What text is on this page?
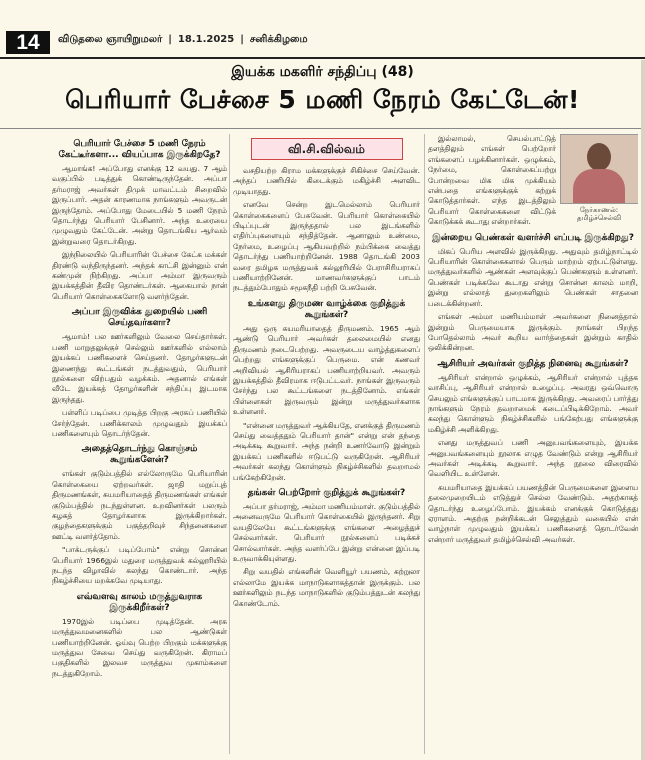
14	விடுதலை ஞாயிறுமலர் | 18.1.2025 | சனிக்கிழமை
இயக்க மகளிர் சந்திப்பு (48)
பெரியார் பேச்சை 5 மணி நேரம் கேட்டேன்!
பெரியார் பேச்சை 5 மணி நேரம் கேட்டீர்களா... வியப்பாக இருக்கிறதே?

ஆமாங்க! அப்போது எனக்கு 12 வயது. 7 ஆம் வகுப்பில் படித்துக் கொண்டிருந்தேன். அப்பா தர்மராஜ் அவர்கள் திமுக் மாவட்டம் சிறைவில் இருப்பார். அதன் காரணமாக நாங்களும் அவருடன் இருந்தோம். அப்போது மேடையில் 5 மணி நேரம் தொடர்ந்து பெரியார் பேசினார். அந்த உரையை முழுவதும் கேட்டேன். அன்று தொடங்கிய ஆர்வம் இன்றுவரை தொடர்கிறது.

இந்நிலையில் பெரியாரின் பேச்சை கேட்க மக்கள் திரண்டு வந்திருந்தனர். அந்தக் காட்சி இன்னும் என் கண்முன் நிற்கிறது. அப்பா அம்மா இருவரும் இயக்கத்தின் தீவிர தொண்டர்கள். ஆகையால் நான் பெரியார் கொள்கைகளோடு வளர்ந்தேன்.

அப்பா இருவிக்க துறையில் பணி செய்தவர்களா?

ஆமாம்! பல ஊர்களிலும் வேலை செய்தார்கள். பணி மாறுதலுக்குச் செல்லும் ஊர்களில் எல்லாம் இயக்கப் பணிகளைச் செய்தனர். தோழர்களுடன் இணைந்து கூட்டங்கள் நடத்துவதும், பெரியார் நூல்களை விற்பதும் வழக்கம். அதனால் எங்கள் வீடே இயக்கத் தோழர்களின் சந்திப்பு இடமாக இருந்தது.

பள்ளிப் படிப்பை முடித்த பிறகு அரசுப் பணியில் சேர்ந்தேன். பணிக்காலம் முழுவதும் இயக்கப் பணிகளையும் தொடர்ந்தேன்.

அதைத்தொடர்ந்து கொஞ்சம் கூறுங்களேன்?

எங்கள் குடும்பத்தில் எல்லோருமே பெரியாரின் கொள்கையை ஏற்றவர்கள். ஜாதி மறுப்புத் திருமணங்கள், சுயமரியாதைத் திருமணங்கள் எங்கள் குடும்பத்தில் நடந்துள்ளன. உறவினர்கள் பலரும் கழகத் தோழர்களாக இருக்கிறார்கள். குழந்தைகளுக்கும் பகுத்தறிவுச் சிந்தனைகளை ஊட்டி வளர்த்தோம்.

"பாக்டருக்குப் படிப்போம்" என்று சொன்ன பெரியார் 1966இல் மதுரை மருத்துவக் கல்லூரியில் நடந்த விழாவில் கலந்து கொண்டார். அந்த நிகழ்ச்சியை மறக்கவே முடியாது.

எவ்வளவு காலம் மருத்துவராக இருக்கிறீர்கள்?

1970இல் படிப்பை முடித்தேன். அரசு மருத்துவமனைகளில் பல ஆண்டுகள் பணியாற்றினேன். ஓய்வு பெற்ற பிறகும் மக்களுக்கு மருத்துவ சேவை செய்து வருகிறேன். கிராமப் பகுதிகளில் இலவச மருத்துவ முகாம்களை நடத்துகிறோம்.

வி.சி.வில்வம்

வசதியற்ற கிராம மக்களுக்குச் சிகிச்சை செய்வேன். அந்தப் பணியில் கிடைக்கும் மகிழ்ச்சி அளவிட முடியாதது.

எனவே சென்ற இடமெல்லாம் பெரியார் கொள்கைகளைப் பேசுவேன். பெரியார் கொள்கையில் பிடிப்புடன் இருந்ததால் பல இடங்களில் எதிர்ப்புகளையும் சந்தித்தேன். ஆனாலும் உண்மை, நேர்மை, உழைப்பு ஆகியவற்றில் நம்பிக்கை வைத்து தொடர்ந்து பணியாற்றினேன். 1988 தொடங்கி 2003 வரை தமிழக மருத்துவக் கல்லூரியில் பேராசிரியராகப் பணியாற்றினேன். மாணவர்களுக்குப் பாடம் நடத்தும்போதும் சமூகநீதி பற்றி பேசுவேன்.

உங்களது திருமண வாழ்க்கை குறித்துக் கூறுங்கள்?

அது ஒரு சுயமரியாதைத் திருமணம். 1965 ஆம் ஆண்டு பெரியார் அவர்கள் தலைமையில் எனது திருமணம் நடைபெற்றது. அவருடைய வாழ்த்துகளைப் பெற்றது எங்களுக்குப் பெருமை. என் கணவர் அறிவியல் ஆசிரியராகப் பணியாற்றியவர். அவரும் இயக்கத்தில் தீவிரமாக ஈடுபட்டவர். நாங்கள் இருவரும் சேர்ந்து பல கூட்டங்களை நடத்தினோம். எங்கள் பிள்ளைகள் இருவரும் இன்று மருத்துவர்களாக உள்ளனர்.

"என்னை மருத்துவர் ஆக்கியதே, எனக்குத் திருமணம் செய்து வைத்ததும் பெரியார் தான்" என்று என் தந்தை அடிக்கடி கூறுவார். அந்த நன்றி உணர்வோடு இன்றும் இயக்கப் பணிகளில் ஈடுபட்டு வருகிறேன். ஆசிரியர் அவர்கள் கலந்து கொள்ளும் நிகழ்ச்சிகளில் தவறாமல் பங்கேற்கிறேன்.

தங்கள் பெற்றோர் குறித்துக் கூறுங்கள்?

அப்பா தர்மராஜ், அம்மா மணியம்மாள். குடும்பத்தில் அனைவருமே பெரியார் கொள்கையில் இருந்தனர். சிறு வயதிலேயே கூட்டங்களுக்கு எங்களை அழைத்துச் செல்வார்கள். பெரியார் நூல்களைப் படிக்கச் சொல்வார்கள். அந்த வளர்ப்பே இன்று என்னை இப்படி உருவாக்கியுள்ளது.

சிறு வயதில் எங்களின் வெளியூர் பயணம், சுற்றுலா எல்லாமே இயக்க மாநாடுகளாகத்தான் இருக்கும். பல ஊர்களிலும் நடந்த மாநாடுகளில் குடும்பத்துடன் கலந்து கொண்டோம்.

நேர்காணல்: தமிழ்ச்செல்வி

இல்லாமல், செயல்பாட்டுத் தளத்திலும் எங்கள் பெற்றோர் எங்களைப் பழக்கினார்கள். ஒழுக்கம், நேர்மை, கொள்கைப்பற்று போன்றவை மிக மிக முக்கியம் என்பதை எங்களுக்குக் கற்றுக் கொடுத்தார்கள். எந்த இடத்திலும் பெரியார் கொள்கைகளை விட்டுக் கொடுக்கக் கூடாது என்றார்கள்.

இன்றைய பெண்கள் வளர்ச்சி எப்படி இருக்கிறது?

மிகப் பெரிய அளவில் இருக்கிறது. அதுவும் தமிழ்நாட்டில் பெரியாரின் கொள்கைகளால் பெரும் மாற்றம் ஏற்பட்டுள்ளது. மருத்துவர்களில் ஆண்கள் அளவுக்குப் பெண்களும் உள்ளனர். பெண்கள் படிக்கவே கூடாது என்று சொன்ன காலம் மாறி, இன்று எல்லாத் துறைகளிலும் பெண்கள் சாதனை படைக்கின்றனர்.

எங்கள் அம்மா மணியம்மாள் அவர்களை நினைத்தால் இன்றும் பெருமையாக இருக்கும். நாங்கள் பிறந்த போதெல்லாம் அவர் கூறிய வார்த்தைகள் இன்றும் காதில் ஒலிக்கின்றன.

ஆசிரியர் அவர்கள் குறித்த நினைவு கூறுங்கள்?

ஆசிரியர் என்றால் ஒழுக்கம், ஆசிரியர் என்றால் புத்தக வாசிப்பு, ஆசிரியர் என்றால் உழைப்பு. அவரது ஒவ்வொரு செயலும் எங்களுக்குப் பாடமாக இருக்கிறது. அவரைப் பார்த்து நாங்களும் நேரம் தவறாமைக் கடைப்பிடிக்கிறோம். அவர் கலந்து கொள்ளும் நிகழ்ச்சிகளில் பங்கேற்பது எங்களுக்கு மகிழ்ச்சி அளிக்கிறது.

எனது மருத்துவப் பணி அனுபவங்களையும், இயக்க அனுபவங்களையும் நூலாக எழுத வேண்டும் என்று ஆசிரியர் அவர்கள் அடிக்கடி கூறுவார். அந்த நூலை விரைவில் வெளியிட உள்ளேன்.

சுயமரியாதை இயக்கப் பயணத்தின் பெருமைகளை இளைய தலைமுறையிடம் எடுத்துச் செல்ல வேண்டும். அதற்காகத் தொடர்ந்து உழைப்போம். இயக்கம் எனக்குக் கொடுத்தது ஏராளம். அதற்கு நன்றிக்கடன் செலுத்தும் வகையில் என் வாழ்நாள் முழுவதும் இயக்கப் பணிகளைத் தொடர்வேன் என்றார் மருத்துவர் தமிழ்ச்செல்வி அவர்கள்.
